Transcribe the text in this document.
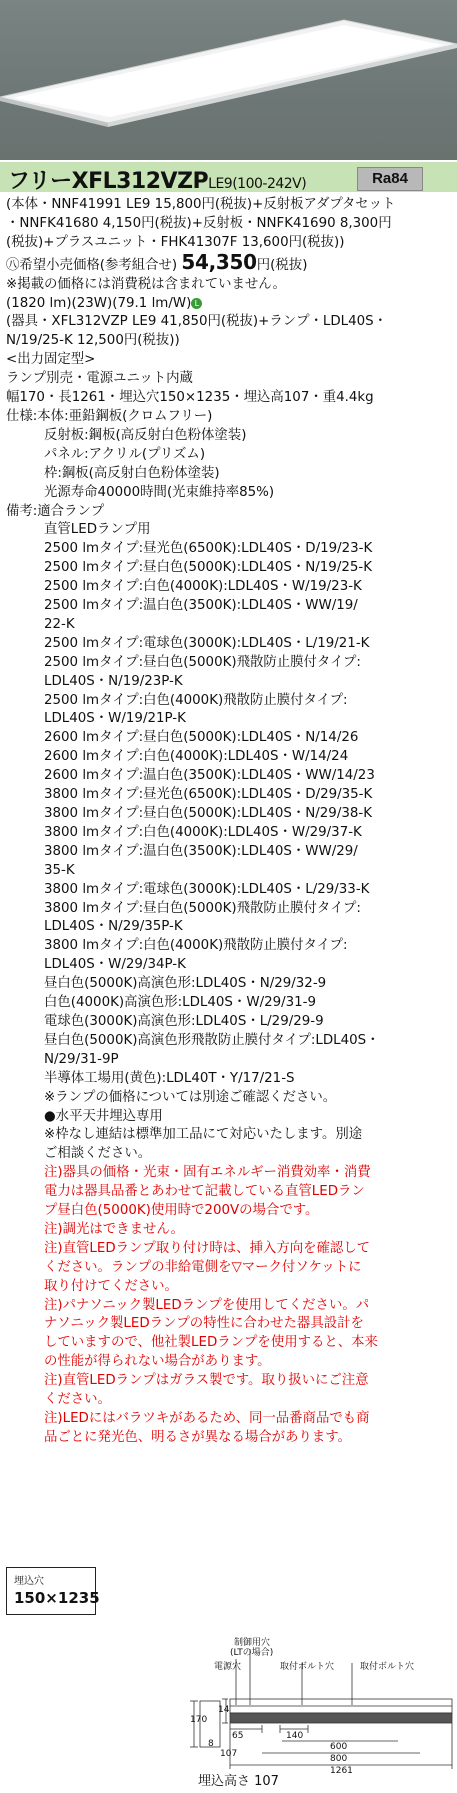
フリーXFL312VZPLE9(100-242V)	Ra84
(本体・NNF41991 LE9 15,800円(税抜)+反射板アダプタセット
・NNFK41680 4,150円(税抜)+反射板・NNFK41690 8,300円
(税抜)+プラスユニット・FHK41307F 13,600円(税抜))
㊇希望小売価格(参考組合せ) 54,350円(税抜)
※掲載の価格には消費税は含まれていません。
(1820 lm)(23W)(79.1 lm/W) L
(器具・XFL312VZP LE9 41,850円(税抜)+ランプ・LDL40S・
N/19/25-K 12,500円(税抜))
<出力固定型>
ランプ別売・電源ユニット内蔵
幅170・長1261・埋込穴150×1235・埋込高107・重4.4kg
仕様:本体:亜鉛鋼板(クロムフリー)
反射板:鋼板(高反射白色粉体塗装)
パネル:アクリル(プリズム)
枠:鋼板(高反射白色粉体塗装)
光源寿命40000時間(光束維持率85%)
備考:適合ランプ
直管LEDランプ用
2500 lmタイプ:昼光色(6500K):LDL40S・D/19/23-K
2500 lmタイプ:昼白色(5000K):LDL40S・N/19/25-K
2500 lmタイプ:白色(4000K):LDL40S・W/19/23-K
2500 lmタイプ:温白色(3500K):LDL40S・WW/19/
22-K
2500 lmタイプ:電球色(3000K):LDL40S・L/19/21-K
2500 lmタイプ:昼白色(5000K)飛散防止膜付タイプ:
LDL40S・N/19/23P-K
2500 lmタイプ:白色(4000K)飛散防止膜付タイプ:
LDL40S・W/19/21P-K
2600 lmタイプ:昼白色(5000K):LDL40S・N/14/26
2600 lmタイプ:白色(4000K):LDL40S・W/14/24
2600 lmタイプ:温白色(3500K):LDL40S・WW/14/23
3800 lmタイプ:昼光色(6500K):LDL40S・D/29/35-K
3800 lmタイプ:昼白色(5000K):LDL40S・N/29/38-K
3800 lmタイプ:白色(4000K):LDL40S・W/29/37-K
3800 lmタイプ:温白色(3500K):LDL40S・WW/29/
35-K
3800 lmタイプ:電球色(3000K):LDL40S・L/29/33-K
3800 lmタイプ:昼白色(5000K)飛散防止膜付タイプ:
LDL40S・N/29/35P-K
3800 lmタイプ:白色(4000K)飛散防止膜付タイプ:
LDL40S・W/29/34P-K
昼白色(5000K)高演色形:LDL40S・N/29/32-9
白色(4000K)高演色形:LDL40S・W/29/31-9
電球色(3000K)高演色形:LDL40S・L/29/29-9
昼白色(5000K)高演色形飛散防止膜付タイプ:LDL40S・
N/29/31-9P
半導体工場用(黄色):LDL40T・Y/17/21-S
※ランプの価格については別途ご確認ください。
●水平天井埋込専用
※枠なし連結は標準加工品にて対応いたします。別途
ご相談ください。
注)器具の価格・光束・固有エネルギー消費効率・消費
電力は器具品番とあわせて記載している直管LEDラン
プ昼白色(5000K)使用時で200Vの場合です。
注)調光はできません。
注)直管LEDランプ取り付け時は、挿入方向を確認して
ください。ランプの非給電側を▽マーク付ソケットに
取り付けてください。
注)パナソニック製LEDランプを使用してください。パ
ナソニック製LEDランプの特性に合わせた器具設計を
していますので、他社製LEDランプを使用すると、本来
の性能が得られない場合があります。
注)直管LEDランプはガラス製です。取り扱いにご注意
ください。
注)LEDにはバラツキがあるため、同一品番商品でも商
品ごとに発光色、明るさが異なる場合があります。
埋込穴
150×1235
制御用穴
(LTの場合)
電源穴	取付ボルト穴	取付ボルト穴
170
14
65	140
8
107
600
800
1261
埋込高さ 107
